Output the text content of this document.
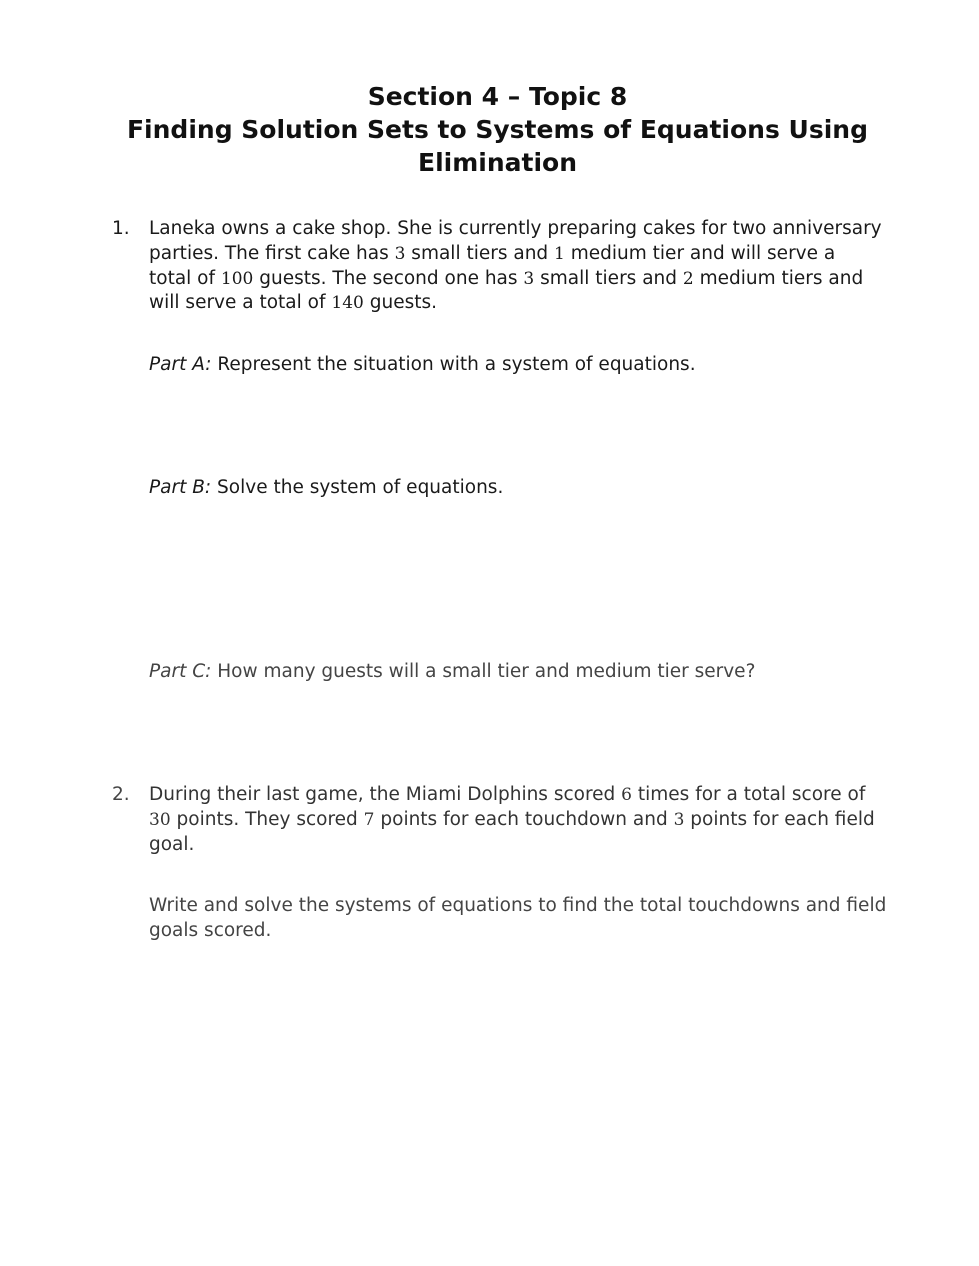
Section 4 – Topic 8
Finding Solution Sets to Systems of Equations Using
Elimination
1.	Laneka owns a cake shop. She is currently preparing cakes for two anniversary parties. The first cake has 3 small tiers and 1 medium tier and will serve a total of 100 guests. The second one has 3 small tiers and 2 medium tiers and will serve a total of 140 guests.
Part A: Represent the situation with a system of equations.
Part B: Solve the system of equations.
Part C: How many guests will a small tier and medium tier serve?
2.	During their last game, the Miami Dolphins scored 6 times for a total score of 30 points. They scored 7 points for each touchdown and 3 points for each field goal.
Write and solve the systems of equations to find the total touchdowns and field goals scored.
